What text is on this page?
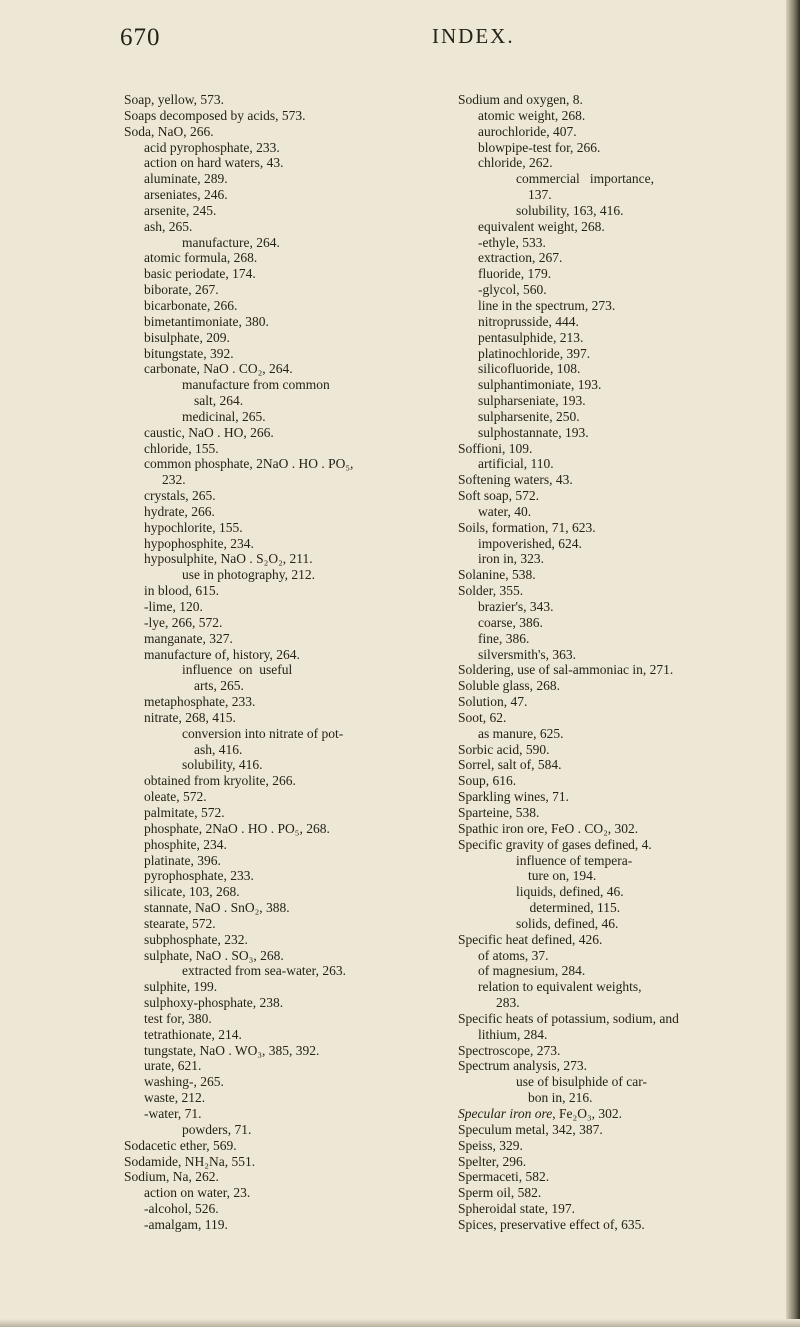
670	INDEX.
Soap, yellow, 573.
Soaps decomposed by acids, 573.
Soda, NaO, 266.
acid pyrophosphate, 233.
action on hard waters, 43.
aluminate, 289.
arseniates, 246.
arsenite, 245.
ash, 265.
manufacture, 264.
atomic formula, 268.
basic periodate, 174.
biborate, 267.
bicarbonate, 266.
bimetantimoniate, 380.
bisulphate, 209.
bitungstate, 392.
carbonate, NaO . CO₂, 264.
manufacture from common
salt, 264.
medicinal, 265.
caustic, NaO . HO, 266.
chloride, 155.
common phosphate, 2NaO . HO . PO₅,
232.
crystals, 265.
hydrate, 266.
hypochlorite, 155.
hypophosphite, 234.
hyposulphite, NaO . S₂O₂, 211.
use in photography, 212.
in blood, 615.
-lime, 120.
-lye, 266, 572.
manganate, 327.
manufacture of, history, 264.
influence  on  useful
arts, 265.
metaphosphate, 233.
nitrate, 268, 415.
conversion into nitrate of pot-
ash, 416.
solubility, 416.
obtained from kryolite, 266.
oleate, 572.
palmitate, 572.
phosphate, 2NaO . HO . PO₅, 268.
phosphite, 234.
platinate, 396.
pyrophosphate, 233.
silicate, 103, 268.
stannate, NaO . SnO₂, 388.
stearate, 572.
subphosphate, 232.
sulphate, NaO . SO₃, 268.
extracted from sea-water, 263.
sulphite, 199.
sulphoxy-phosphate, 238.
test for, 380.
tetrathionate, 214.
tungstate, NaO . WO₃, 385, 392.
urate, 621.
washing-, 265.
waste, 212.
-water, 71.
powders, 71.
Sodacetic ether, 569.
Sodamide, NH₂Na, 551.
Sodium, Na, 262.
action on water, 23.
-alcohol, 526.
-amalgam, 119.
Sodium and oxygen, 8.
atomic weight, 268.
aurochloride, 407.
blowpipe-test for, 266.
chloride, 262.
commercial   importance,
137.
solubility, 163, 416.
equivalent weight, 268.
-ethyle, 533.
extraction, 267.
fluoride, 179.
-glycol, 560.
line in the spectrum, 273.
nitroprusside, 444.
pentasulphide, 213.
platinochloride, 397.
silicofluoride, 108.
sulphantimoniate, 193.
sulpharseniate, 193.
sulpharsenite, 250.
sulphostannate, 193.
Soffioni, 109.
artificial, 110.
Softening waters, 43.
Soft soap, 572.
water, 40.
Soils, formation, 71, 623.
impoverished, 624.
iron in, 323.
Solanine, 538.
Solder, 355.
brazier's, 343.
coarse, 386.
fine, 386.
silversmith's, 363.
Soldering, use of sal-ammoniac in, 271.
Soluble glass, 268.
Solution, 47.
Soot, 62.
as manure, 625.
Sorbic acid, 590.
Sorrel, salt of, 584.
Soup, 616.
Sparkling wines, 71.
Sparteine, 538.
Spathic iron ore, FeO . CO₂, 302.
Specific gravity of gases defined, 4.
influence of tempera-
ture on, 194.
liquids, defined, 46.
determined, 115.
solids, defined, 46.
Specific heat defined, 426.
of atoms, 37.
of magnesium, 284.
relation to equivalent weights,
283.
Specific heats of potassium, sodium, and
lithium, 284.
Spectroscope, 273.
Spectrum analysis, 273.
use of bisulphide of car-
bon in, 216.
Specular iron ore, Fe₂O₃, 302.
Speculum metal, 342, 387.
Speiss, 329.
Spelter, 296.
Spermaceti, 582.
Sperm oil, 582.
Spheroidal state, 197.
Spices, preservative effect of, 635.
